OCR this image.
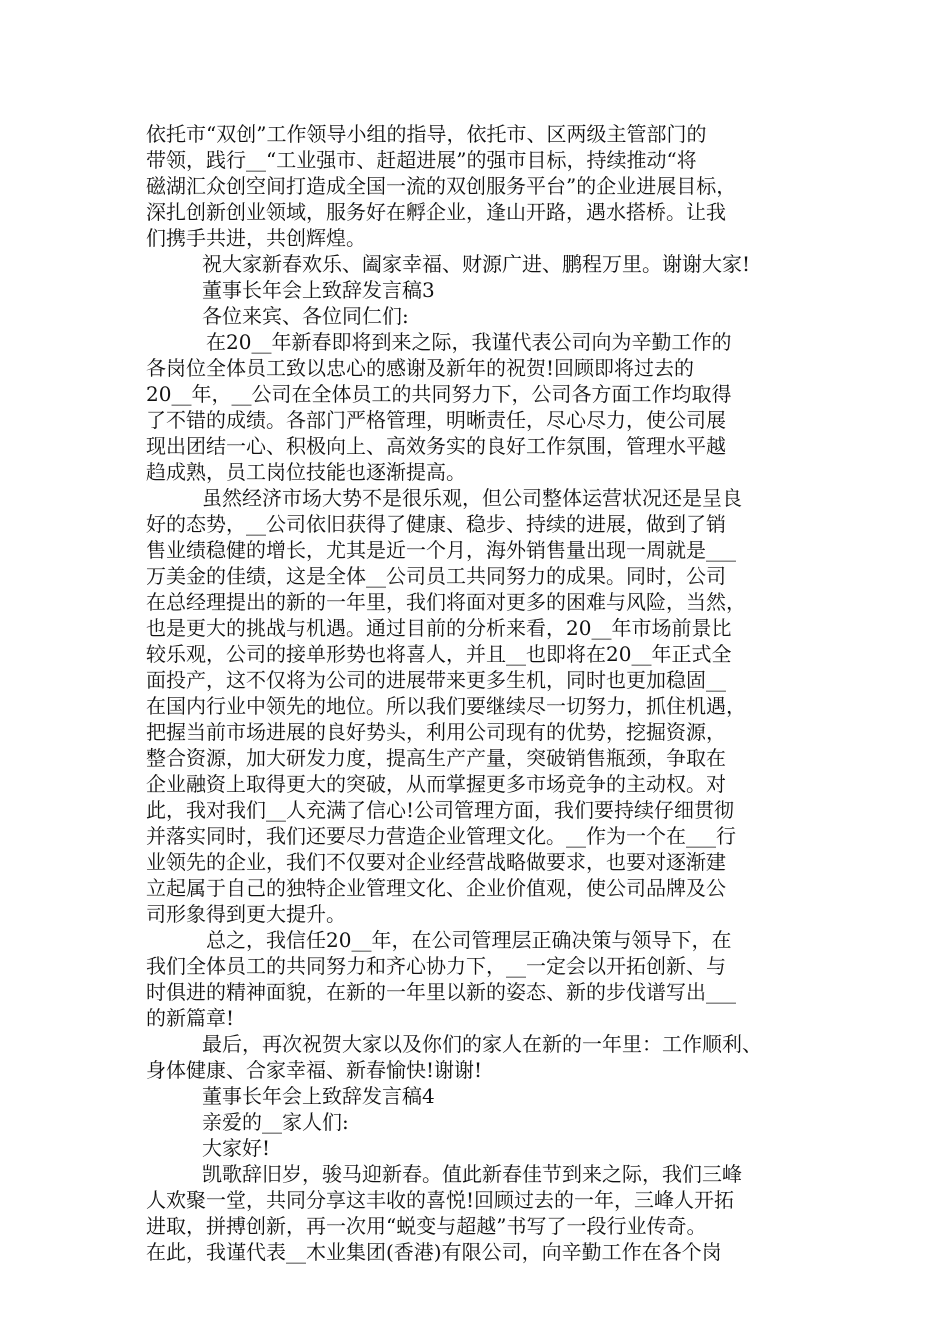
依托市“双创”工作领导小组的指导，依托市、区两级主管部门的
带领，践行__“工业强市、赶超进展”的强市目标，持续推动“将
磁湖汇众创空间打造成全国一流的双创服务平台”的企业进展目标，
深扎创新创业领域，服务好在孵企业，逢山开路，遇水搭桥。让我
们携手共进，共创辉煌。
祝大家新春欢乐、阖家幸福、财源广进、鹏程万里。谢谢大家!
董事长年会上致辞发言稿3
各位来宾、各位同仁们:
在20__年新春即将到来之际，我谨代表公司向为辛勤工作的
各岗位全体员工致以忠心的感谢及新年的祝贺!回顾即将过去的
20__年，__公司在全体员工的共同努力下，公司各方面工作均取得
了不错的成绩。各部门严格管理，明晰责任，尽心尽力，使公司展
现出团结一心、积极向上、高效务实的良好工作氛围，管理水平越
趋成熟，员工岗位技能也逐渐提高。
虽然经济市场大势不是很乐观，但公司整体运营状况还是呈良
好的态势，__公司依旧获得了健康、稳步、持续的进展，做到了销
售业绩稳健的增长，尤其是近一个月，海外销售量出现一周就是___
万美金的佳绩，这是全体__公司员工共同努力的成果。同时，公司
在总经理提出的新的一年里，我们将面对更多的困难与风险，当然，
也是更大的挑战与机遇。通过目前的分析来看，20__年市场前景比
较乐观，公司的接单形势也将喜人，并且__也即将在20__年正式全
面投产，这不仅将为公司的进展带来更多生机，同时也更加稳固__
在国内行业中领先的地位。所以我们要继续尽一切努力，抓住机遇，
把握当前市场进展的良好势头，利用公司现有的优势，挖掘资源，
整合资源，加大研发力度，提高生产产量，突破销售瓶颈，争取在
企业融资上取得更大的突破，从而掌握更多市场竞争的主动权。对
此，我对我们__人充满了信心!公司管理方面，我们要持续仔细贯彻
并落实同时，我们还要尽力营造企业管理文化。__作为一个在___行
业领先的企业，我们不仅要对企业经营战略做要求，也要对逐渐建
立起属于自己的独特企业管理文化、企业价值观，使公司品牌及公
司形象得到更大提升。
总之，我信任20__年，在公司管理层正确决策与领导下，在
我们全体员工的共同努力和齐心协力下，__一定会以开拓创新、与
时俱进的精神面貌，在新的一年里以新的姿态、新的步伐谱写出___
的新篇章!
最后，再次祝贺大家以及你们的家人在新的一年里：工作顺利、
身体健康、合家幸福、新春愉快!谢谢!
董事长年会上致辞发言稿4
亲爱的__家人们:
大家好!
凯歌辞旧岁，骏马迎新春。值此新春佳节到来之际，我们三峰
人欢聚一堂，共同分享这丰收的喜悦!回顾过去的一年，三峰人开拓
进取，拼搏创新，再一次用“蜕变与超越”书写了一段行业传奇。
在此，我谨代表__木业集团(香港)有限公司，向辛勤工作在各个岗
